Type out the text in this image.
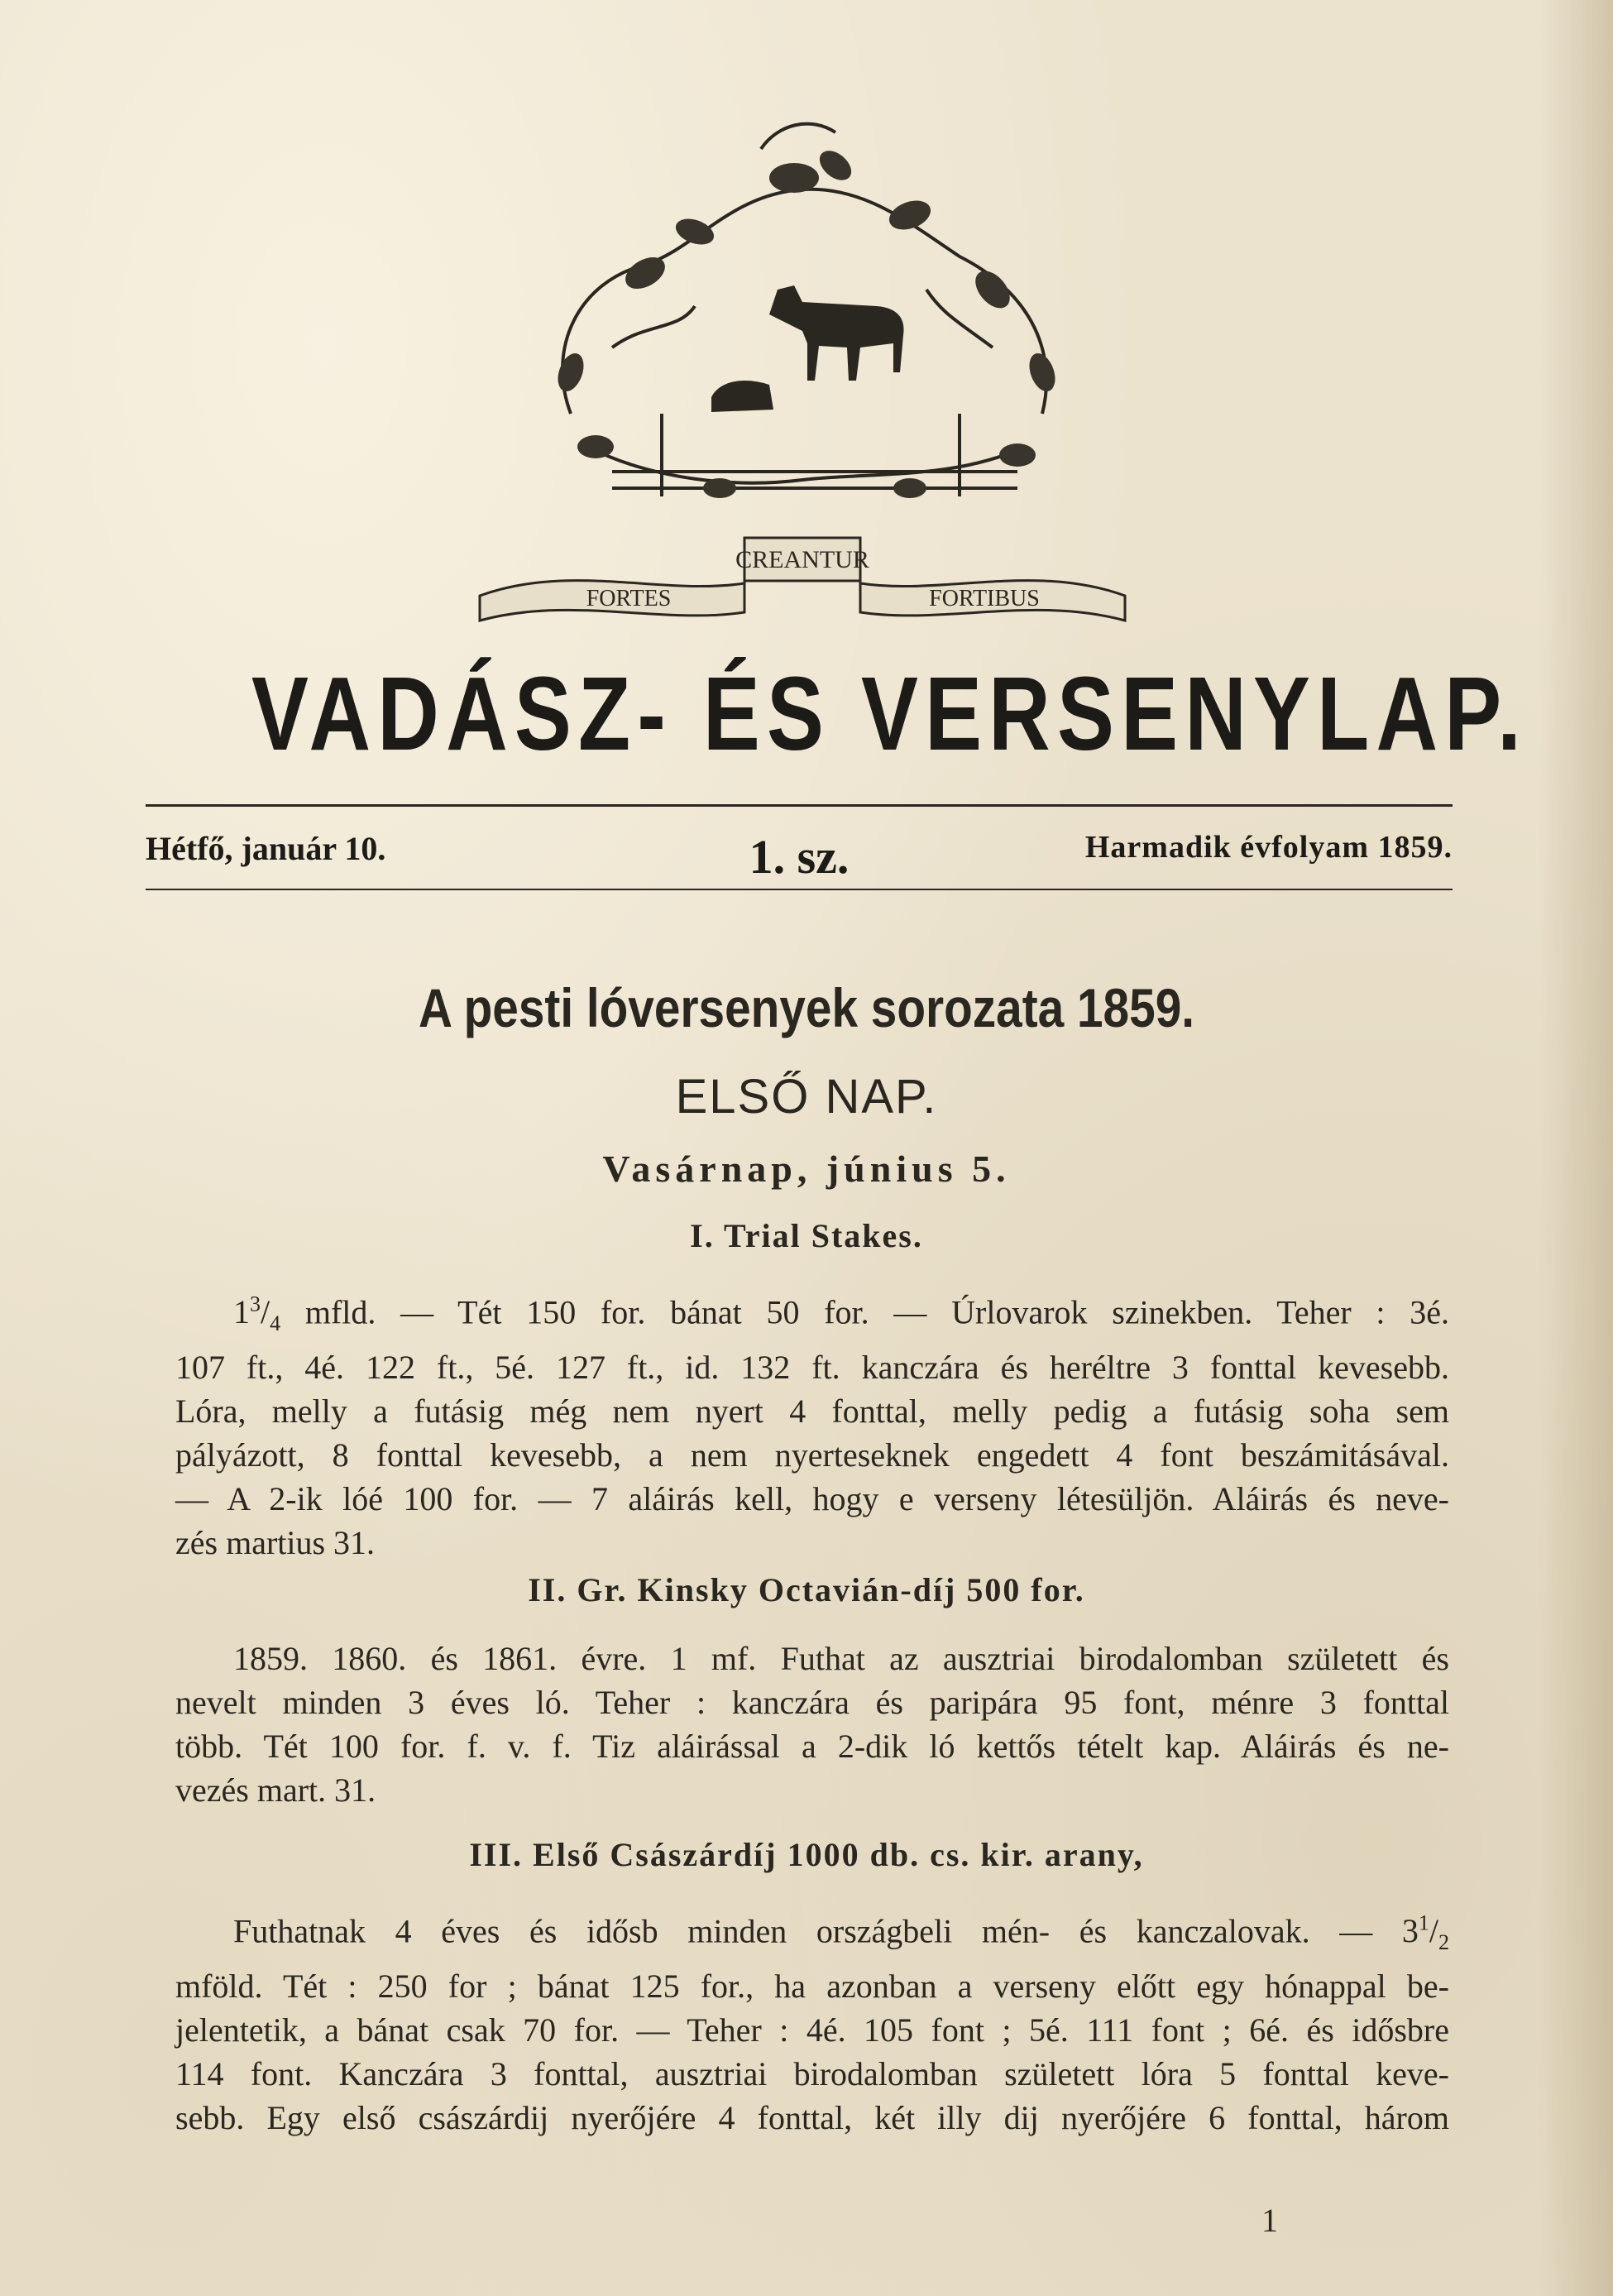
CREANTUR
FORTES	FORTIBUS
VADÁSZ- ÉS VERSENYLAP.
Hétfő, január 10.	1. sz.	Harmadik évfolyam 1859.
A pesti lóversenyek sorozata 1859.
ELSŐ NAP.
Vasárnap, június 5.
I. Trial Stakes.
$1^3/_4$ mfld. — Tét 150 for. bánat 50 for. — Úrlovarok szinekben. Teher : 3é.
107 ft., 4é. 122 ft., 5é. 127 ft., id. 132 ft. kanczára és heréltre 3 fonttal kevesebb.
Lóra, melly a futásig még nem nyert 4 fonttal, melly pedig a futásig soha sem
pályázott, 8 fonttal kevesebb, a nem nyerteseknek engedett 4 font beszámitásával.
— A 2-ik lóé 100 for. — 7 aláirás kell, hogy e verseny létesüljön. Aláirás és neve-
zés martius 31.
II. Gr. Kinsky Octavián-díj 500 for.
1859. 1860. és 1861. évre. 1 mf. Futhat az ausztriai birodalomban született és
nevelt minden 3 éves ló. Teher : kanczára és paripára 95 font, ménre 3 fonttal
több. Tét 100 for. f. v. f. Tiz aláirással a 2-dik ló kettős tételt kap. Aláirás és ne-
vezés mart. 31.
III. Első Császárdíj 1000 db. cs. kir. arany,
Futhatnak 4 éves és idősb minden országbeli mén- és kanczalovak. — $3^1/_2$
mföld. Tét : 250 for ; bánat 125 for., ha azonban a verseny előtt egy hónappal be-
jelentetik, a bánat csak 70 for. — Teher : 4é. 105 font ; 5é. 111 font ; 6é. és idősbre
114 font. Kanczára 3 fonttal, ausztriai birodalomban született lóra 5 fonttal keve-
sebb. Egy első császárdij nyerőjére 4 fonttal, két illy dij nyerőjére 6 fonttal, három
1
